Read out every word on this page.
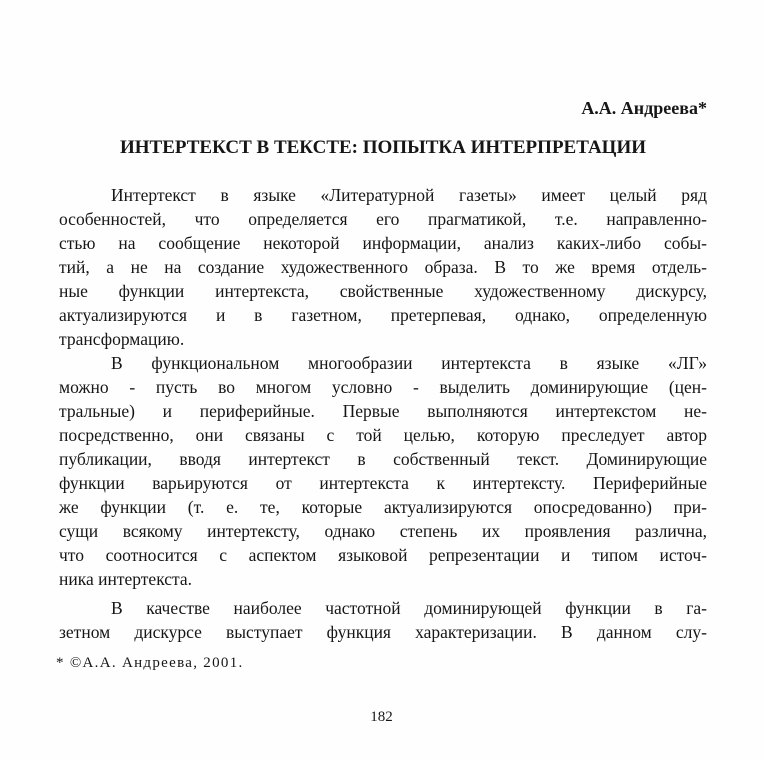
А.А. Андреева*
ИНТЕРТЕКСТ В ТЕКСТЕ: ПОПЫТКА ИНТЕРПРЕТАЦИИ
Интертекст в языке «Литературной газеты» имеет целый ряд
особенностей, что определяется его прагматикой, т.е. направленно-
стью на сообщение некоторой информации, анализ каких-либо собы-
тий, а не на создание художественного образа. В то же время отдель-
ные функции интертекста, свойственные художественному дискурсу,
актуализируются и в газетном, претерпевая, однако, определенную
трансформацию.
В функциональном многообразии интертекста в языке «ЛГ»
можно - пусть во многом условно - выделить доминирующие (цен-
тральные) и периферийные. Первые выполняются интертекстом не-
посредственно, они связаны с той целью, которую преследует автор
публикации, вводя интертекст в собственный текст. Доминирующие
функции варьируются от интертекста к интертексту. Периферийные
же функции (т. е. те, которые актуализируются опосредованно) при-
сущи всякому интертексту, однако степень их проявления различна,
что соотносится с аспектом языковой репрезентации и типом источ-
ника интертекста.
В качестве наиболее частотной доминирующей функции в га-
зетном дискурсе выступает функция характеризации. В данном слу-
* ©А.А. Андреева, 2001.
182
